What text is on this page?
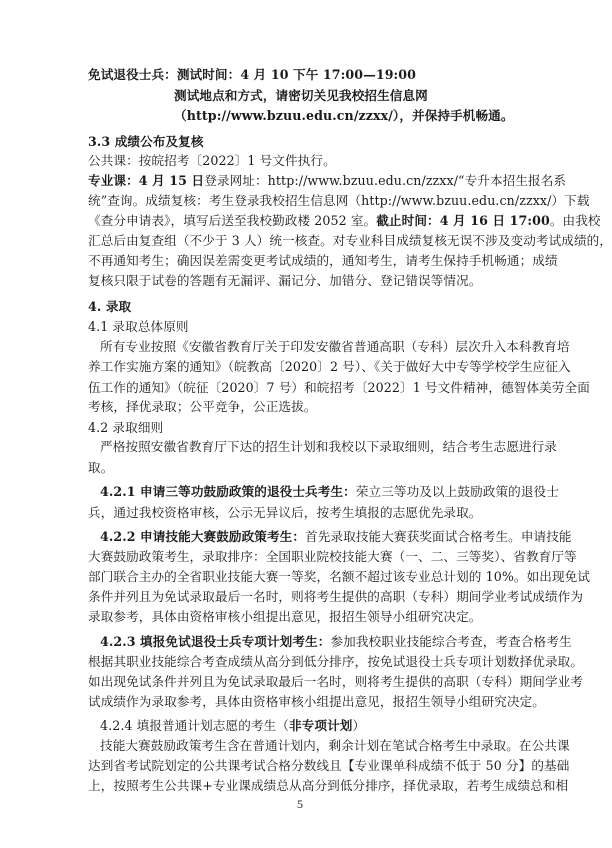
免试退役士兵：测试时间：4 月 10 下午 17:00—19:00
测试地点和方式，请密切关见我校招生信息网
（http://www.bzuu.edu.cn/zzxx/），并保持手机畅通。
3.3 成绩公布及复核
公共课：按皖招考〔2022〕1 号文件执行。
专业课：4 月 15 日登录网址：http://www.bzuu.edu.cn/zzxx/“专升本招生报名系
统”查询。成绩复核：考生登录我校招生信息网（http://www.bzuu.edu.cn/zzxx/）下载
《查分申请表》，填写后送至我校勤政楼 2052 室。截止时间：4 月 16 日 17:00。由我校
汇总后由复查组（不少于 3 人）统一核查。对专业科目成绩复核无误不涉及变动考试成绩的，
不再通知考生；确因误差需变更考试成绩的，通知考生，请考生保持手机畅通；成绩
复核只限于试卷的答题有无漏评、漏记分、加错分、登记错误等情况。
4. 录取
4.1 录取总体原则
所有专业按照《安徽省教育厅关于印发安徽省普通高职（专科）层次升入本科教育培
养工作实施方案的通知》（皖教高〔2020〕2 号）、《关于做好大中专等学校学生应征入
伍工作的通知》（皖征〔2020〕7 号）和皖招考〔2022〕1 号文件精神，德智体美劳全面
考核，择优录取；公平竞争，公正选拔。
4.2 录取细则
严格按照安徽省教育厅下达的招生计划和我校以下录取细则，结合考生志愿进行录
取。
4.2.1 申请三等功鼓励政策的退役士兵考生：荣立三等功及以上鼓励政策的退役士
兵，通过我校资格审核，公示无异议后，按考生填报的志愿优先录取。
4.2.2 申请技能大赛鼓励政策考生：首先录取技能大赛获奖面试合格考生。申请技能
大赛鼓励政策考生，录取排序：全国职业院校技能大赛（一、二、三等奖）、省教育厅等
部门联合主办的全省职业技能大赛一等奖，名额不超过该专业总计划的 10%。如出现免试
条件并列且为免试录取最后一名时，则将考生提供的高职（专科）期间学业考试成绩作为
录取参考，具体由资格审核小组提出意见，报招生领导小组研究决定。
4.2.3 填报免试退役士兵专项计划考生：参加我校职业技能综合考查，考查合格考生
根据其职业技能综合考查成绩从高分到低分排序，按免试退役士兵专项计划数择优录取。
如出现免试条件并列且为免试录取最后一名时，则将考生提供的高职（专科）期间学业考
试成绩作为录取参考，具体由资格审核小组提出意见，报招生领导小组研究决定。
4.2.4 填报普通计划志愿的考生（非专项计划）
技能大赛鼓励政策考生含在普通计划内，剩余计划在笔试合格考生中录取。在公共课
达到省考试院划定的公共课考试合格分数线且【专业课单科成绩不低于 50 分】的基础
上，按照考生公共课+专业课成绩总从高分到低分排序，择优录取，若考生成绩总和相
5
